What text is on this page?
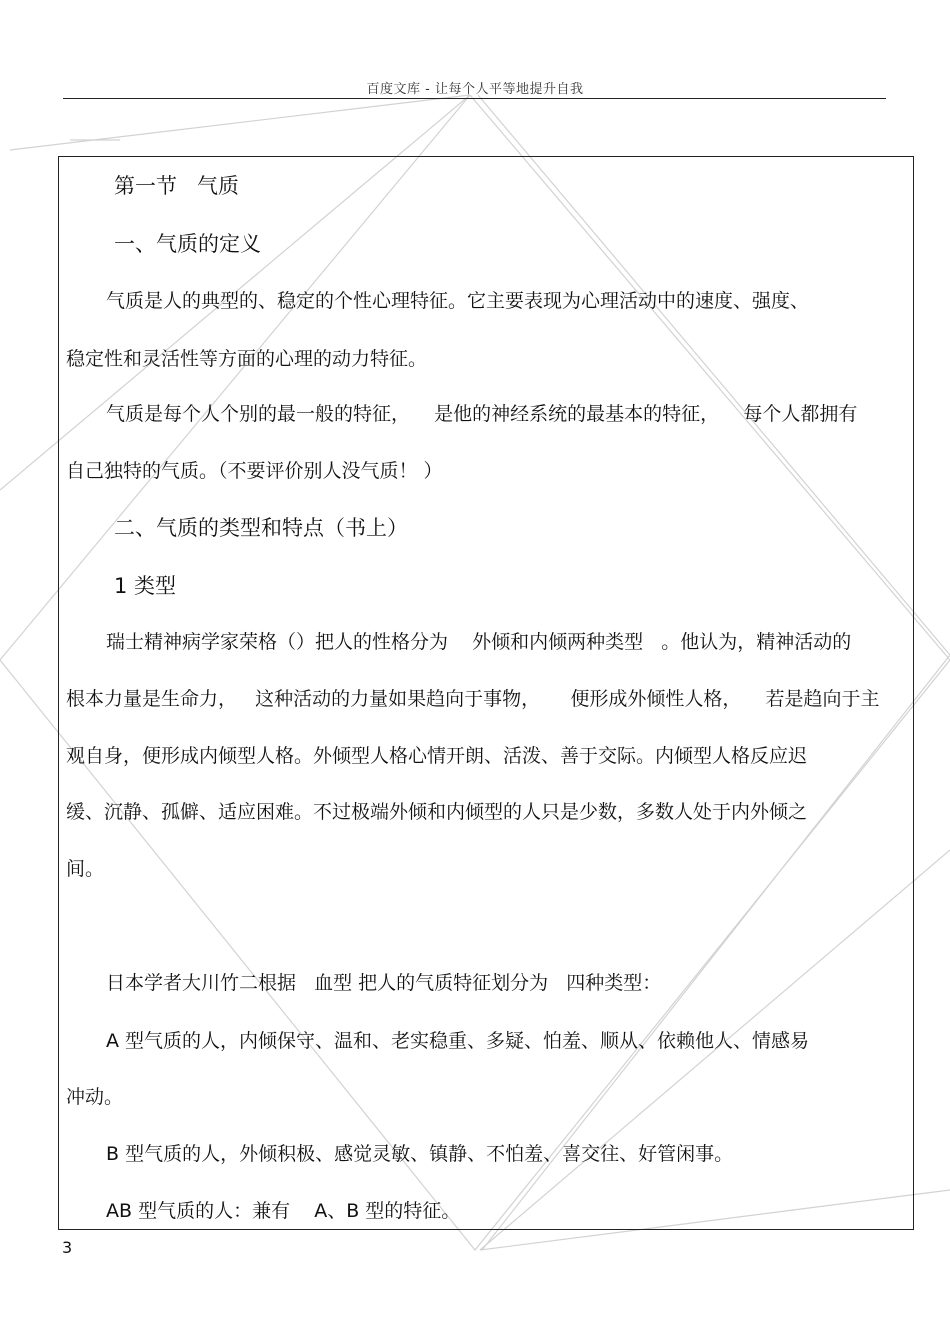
百度文库 - 让每个人平等地提升自我
第一节   气质
一、气质的定义
气质是人的典型的、稳定的个性心理特征。它主要表现为心理活动中的速度、强度、
稳定性和灵活性等方面的心理的动力特征。
气质是每个人个别的最一般的特征，    是他的神经系统的最基本的特征，    每个人都拥有
自己独特的气质。（不要评价别人没气质！ ）
二、气质的类型和特点（书上）
1 类型
瑞士精神病学家荣格（）把人的性格分为    外倾和内倾两种类型   。他认为，精神活动的
根本力量是生命力，   这种活动的力量如果趋向于事物，     便形成外倾性人格，    若是趋向于主
观自身，便形成内倾型人格。外倾型人格心情开朗、活泼、善于交际。内倾型人格反应迟
缓、沉静、孤僻、适应困难。不过极端外倾和内倾型的人只是少数，多数人处于内外倾之
间。
日本学者大川竹二根据   血型 把人的气质特征划分为   四种类型：
A 型气质的人，内倾保守、温和、老实稳重、多疑、怕羞、顺从、依赖他人、情感易
冲动。
B 型气质的人，外倾积极、感觉灵敏、镇静、不怕羞、喜交往、好管闲事。
AB 型气质的人：兼有    A、B 型的特征。
3
